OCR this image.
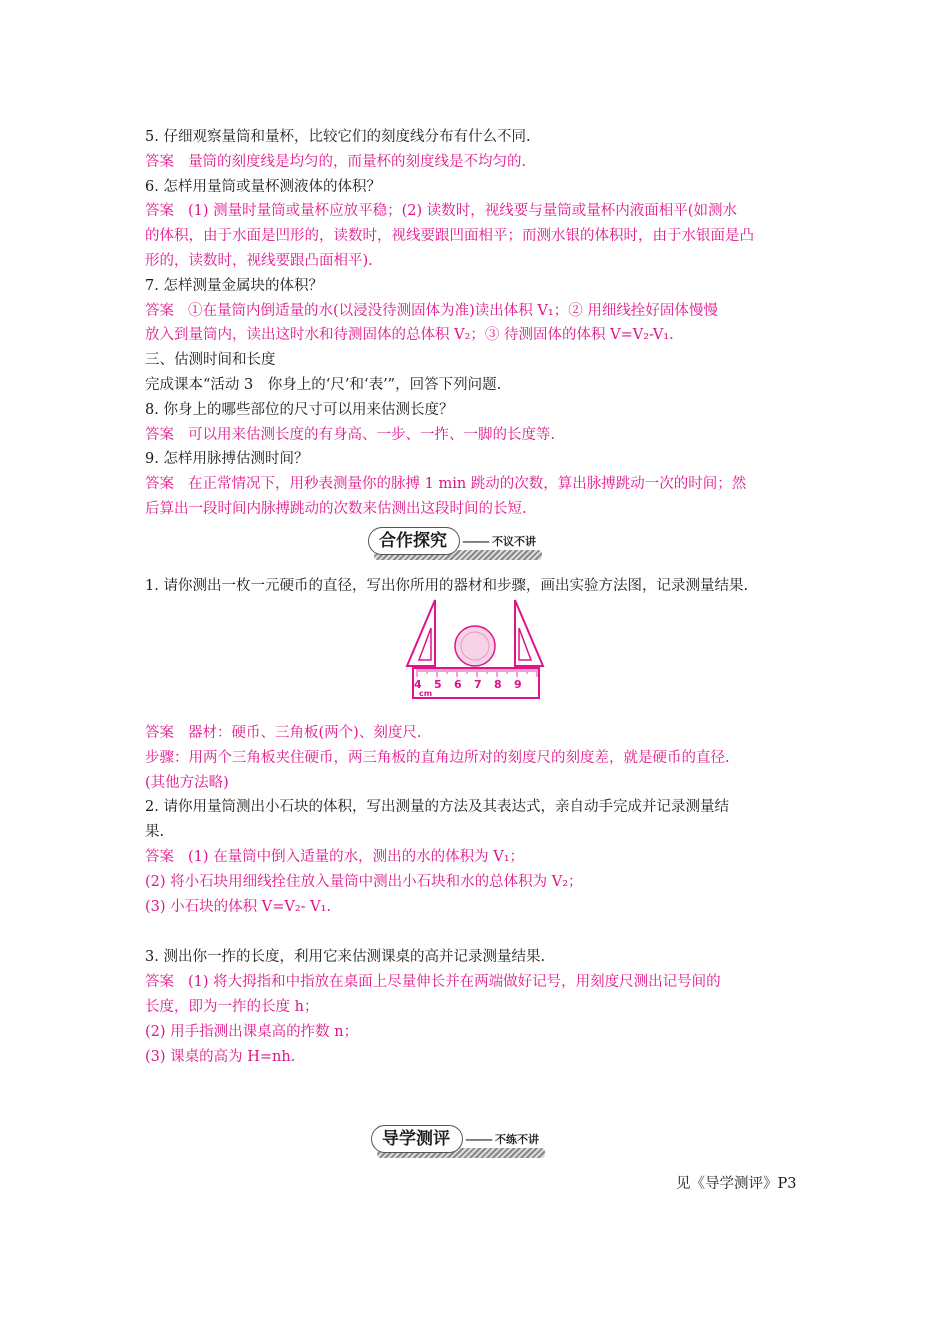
5. 仔细观察量筒和量杯，比较它们的刻度线分布有什么不同.
答案 量筒的刻度线是均匀的，而量杯的刻度线是不均匀的.
6. 怎样用量筒或量杯测液体的体积？
答案 (1) 测量时量筒或量杯应放平稳；(2) 读数时，视线要与量筒或量杯内液面相平(如测水
的体积，由于水面是凹形的，读数时，视线要跟凹面相平；而测水银的体积时，由于水银面是凸
形的，读数时，视线要跟凸面相平).
7. 怎样测量金属块的体积？
答案 ①在量筒内倒适量的水(以浸没待测固体为准)读出体积 V₁；② 用细线拴好固体慢慢
放入到量筒内，读出这时水和待测固体的总体积 V₂；③ 待测固体的体积 V=V₂-V₁.
三、估测时间和长度
完成课本“活动 3　你身上的‘尺’和‘表’”，回答下列问题.
8. 你身上的哪些部位的尺寸可以用来估测长度？
答案 可以用来估测长度的有身高、一步、一拃、一脚的长度等.
9. 怎样用脉搏估测时间？
答案 在正常情况下，用秒表测量你的脉搏 1 min 跳动的次数，算出脉搏跳动一次的时间；然
后算出一段时间内脉搏跳动的次数来估测出这段时间的长短.
合作探究	—— 不议不讲
1. 请你测出一枚一元硬币的直径，写出你所用的器材和步骤，画出实验方法图，记录测量结果.
4 5 6 7 8 9
cm
答案 器材：硬币、三角板(两个)、刻度尺.
步骤：用两个三角板夹住硬币，两三角板的直角边所对的刻度尺的刻度差，就是硬币的直径.
(其他方法略)
2. 请你用量筒测出小石块的体积，写出测量的方法及其表达式，亲自动手完成并记录测量结
果.
答案 (1) 在量筒中倒入适量的水，测出的水的体积为 V₁；
(2) 将小石块用细线拴住放入量筒中测出小石块和水的总体积为 V₂；
(3) 小石块的体积 V=V₂- V₁.
3. 测出你一拃的长度，利用它来估测课桌的高并记录测量结果.
答案 (1) 将大拇指和中指放在桌面上尽量伸长并在两端做好记号，用刻度尺测出记号间的
长度，即为一拃的长度 h；
(2) 用手指测出课桌高的拃数 n；
(3) 课桌的高为 H=nh.
导学测评	—— 不练不讲
见《导学测评》P3
